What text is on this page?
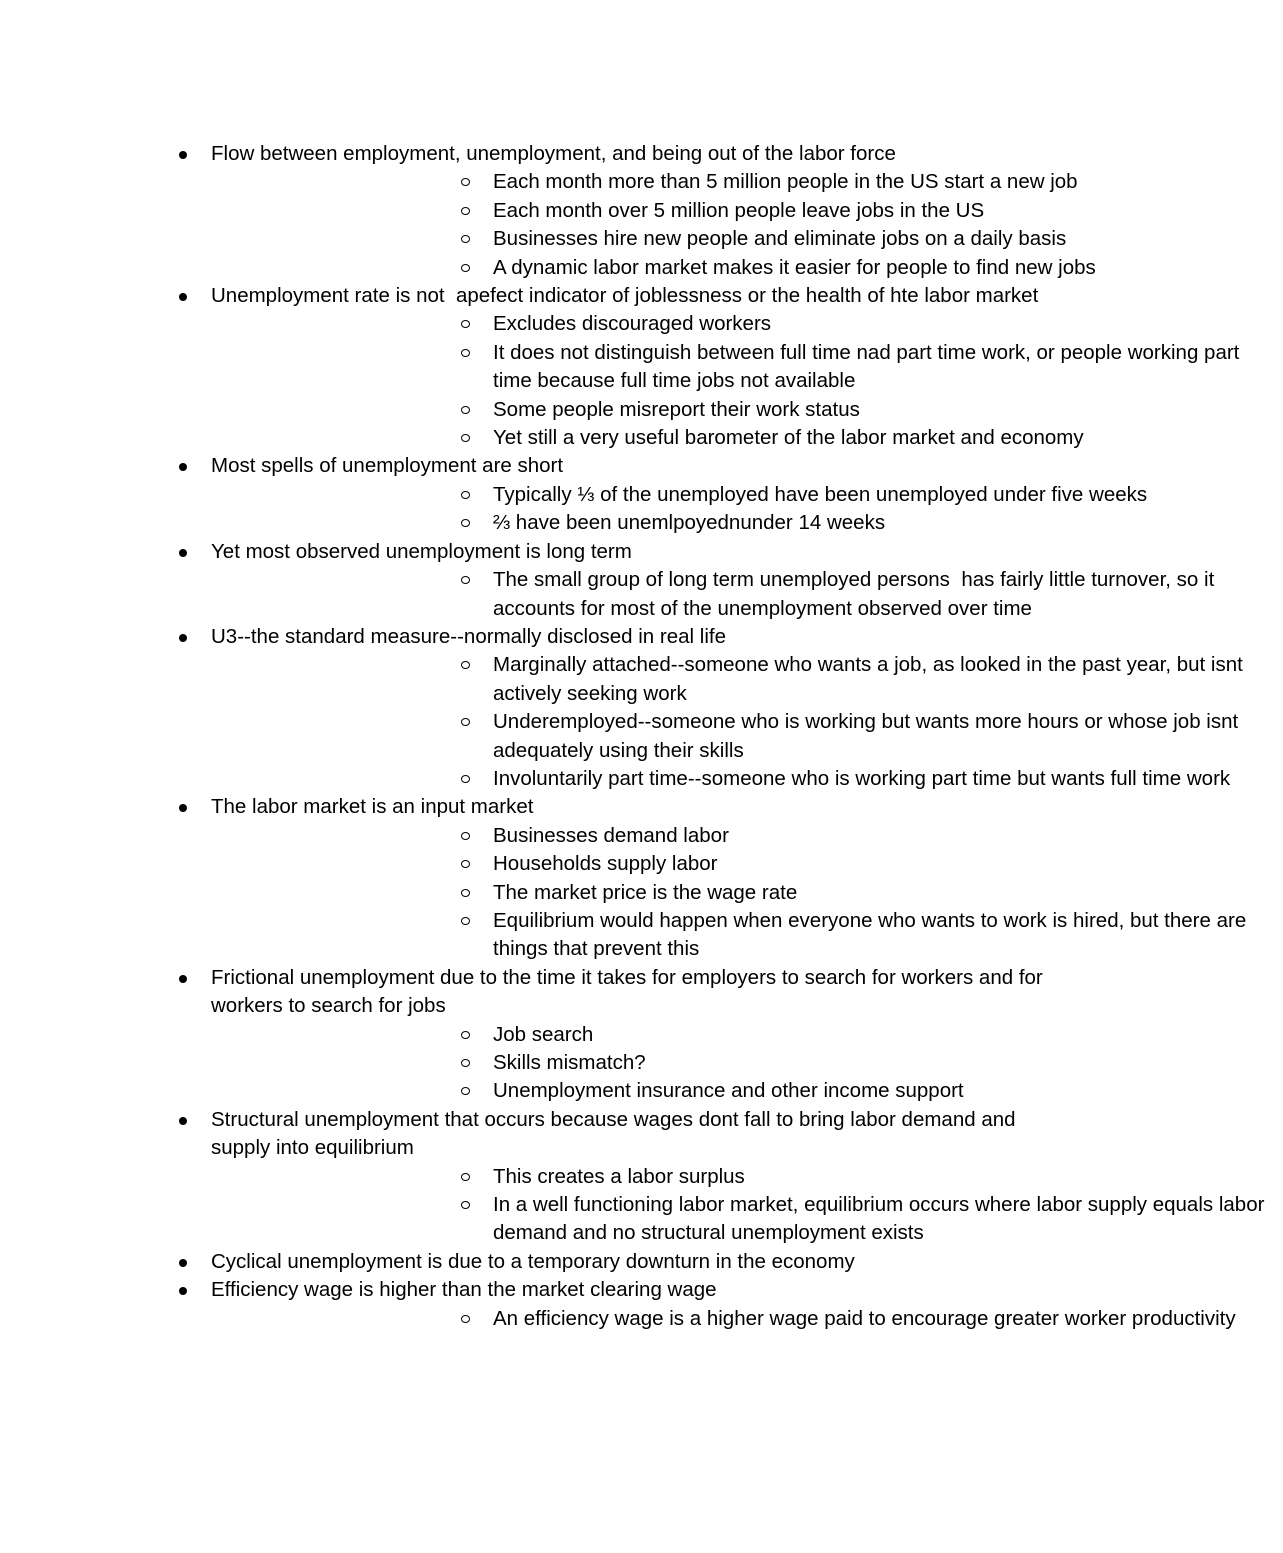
Flow between employment, unemployment, and being out of the labor force
Each month more than 5 million people in the US start a new job
Each month over 5 million people leave jobs in the US
Businesses hire new people and eliminate jobs on a daily basis
A dynamic labor market makes it easier for people to find new jobs
Unemployment rate is not  apefect indicator of joblessness or the health of hte labor market
Excludes discouraged workers
It does not distinguish between full time nad part time work, or people working part time because full time jobs not available
Some people misreport their work status
Yet still a very useful barometer of the labor market and economy
Most spells of unemployment are short
Typically ⅓ of the unemployed have been unemployed under five weeks
⅔ have been unemlpoyednunder 14 weeks
Yet most observed unemployment is long term
The small group of long term unemployed persons  has fairly little turnover, so it accounts for most of the unemployment observed over time
U3--the standard measure--normally disclosed in real life
Marginally attached--someone who wants a job, as looked in the past year, but isnt actively seeking work
Underemployed--someone who is working but wants more hours or whose job isnt adequately using their skills
Involuntarily part time--someone who is working part time but wants full time work
The labor market is an input market
Businesses demand labor
Households supply labor
The market price is the wage rate
Equilibrium would happen when everyone who wants to work is hired, but there are things that prevent this
Frictional unemployment due to the time it takes for employers to search for workers and for workers to search for jobs
Job search
Skills mismatch?
Unemployment insurance and other income support
Structural unemployment that occurs because wages dont fall to bring labor demand and supply into equilibrium
This creates a labor surplus
In a well functioning labor market, equilibrium occurs where labor supply equals labor demand and no structural unemployment exists
Cyclical unemployment is due to a temporary downturn in the economy
Efficiency wage is higher than the market clearing wage
An efficiency wage is a higher wage paid to encourage greater worker productivity
